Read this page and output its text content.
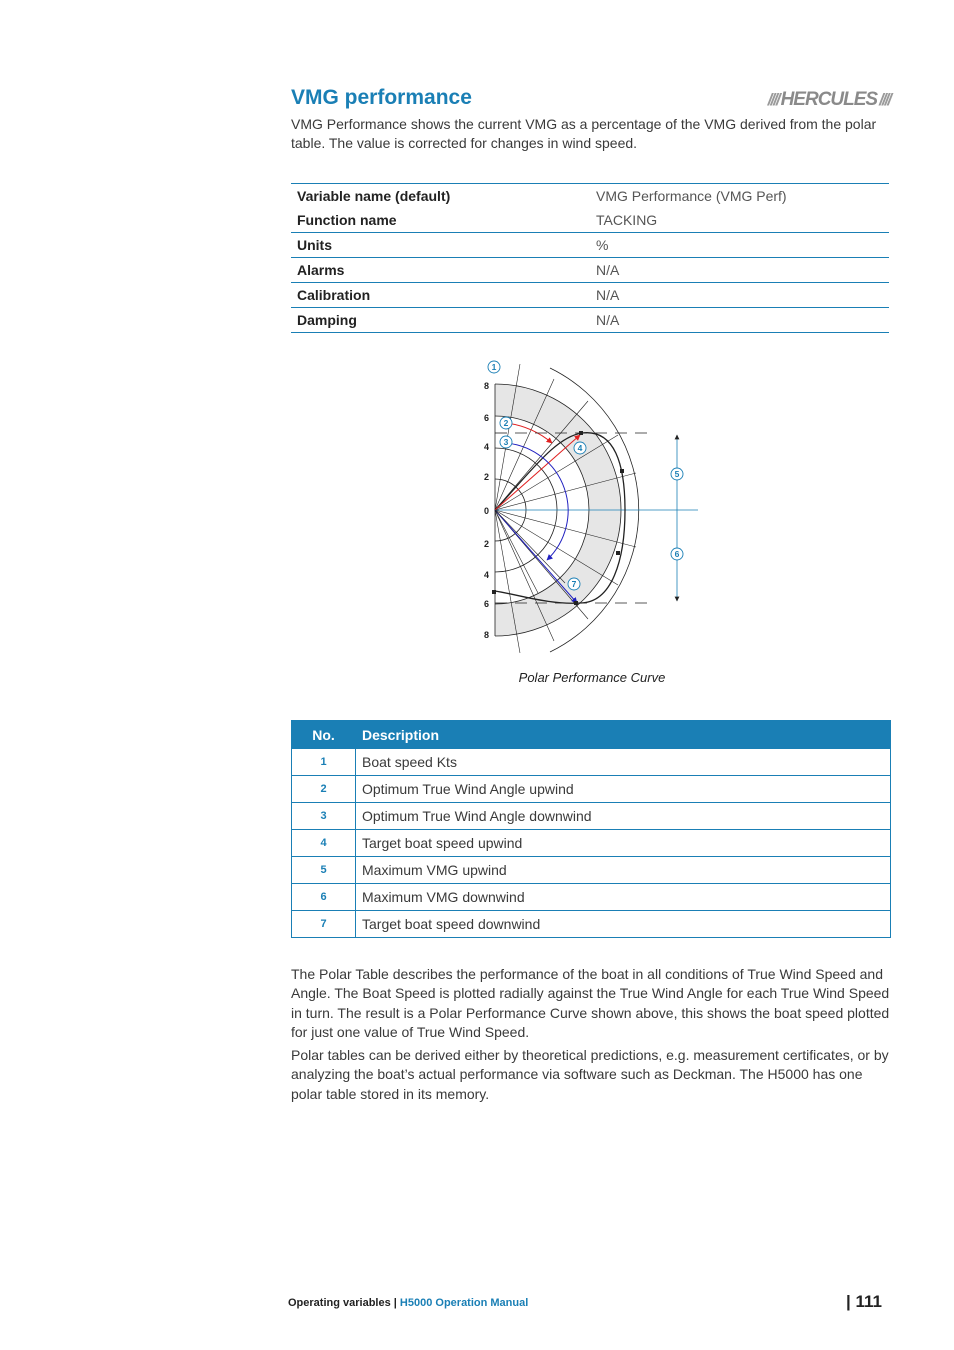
VMG performance	//// HERCULES ////

VMG Performance shows the current VMG as a percentage of the VMG derived from the polar table. The value is corrected for changes in wind speed.

Variable name (default)	VMG Performance (VMG Perf)
Function name	TACKING
Units	%
Alarms	N/A
Calibration	N/A
Damping	N/A
8
6
4
2
0
2
4
6
8
1
2
3
4
5
6
7
Polar Performance Curve
No.	Description
1	Boat speed Kts
2	Optimum True Wind Angle upwind
3	Optimum True Wind Angle downwind
4	Target boat speed upwind
5	Maximum VMG upwind
6	Maximum VMG downwind
7	Target boat speed downwind

The Polar Table describes the performance of the boat in all conditions of True Wind Speed and Angle. The Boat Speed is plotted radially against the True Wind Angle for each True Wind Speed in turn. The result is a Polar Performance Curve shown above, this shows the boat speed plotted for just one value of True Wind Speed.

Polar tables can be derived either by theoretical predictions, e.g. measurement certificates, or by analyzing the boat’s actual performance via software such as Deckman. The H5000 has one polar table stored in its memory.

Operating variables | H5000 Operation Manual	| 111
